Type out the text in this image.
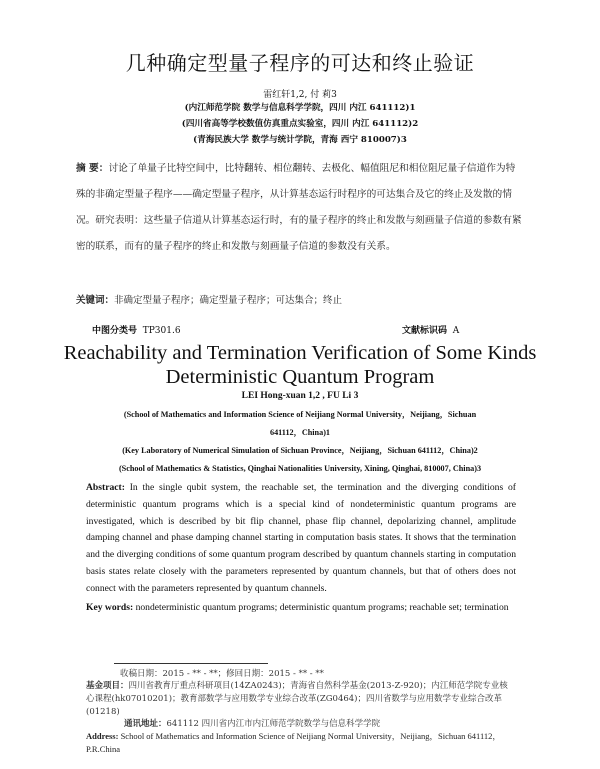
几种确定型量子程序的可达和终止验证
雷红轩1,2, 付 莉3
(内江师范学院 数学与信息科学学院，四川 内江 641112)1
(四川省高等学校数值仿真重点实验室，四川 内江 641112)2
(青海民族大学 数学与统计学院，青海 西宁 810007)3
摘 要：讨论了单量子比特空间中，比特翻转、相位翻转、去极化、幅值阻尼和相位阻尼量子信道作为特殊的非确定型量子程序——确定型量子程序，从计算基态运行时程序的可达集合及它的终止及发散的情况。研究表明：这些量子信道从计算基态运行时，有的量子程序的终止和发散与刻画量子信道的参数有紧密的联系，而有的量子程序的终止和发散与刻画量子信道的参数没有关系。
关键词：非确定型量子程序；确定型量子程序；可达集合；终止
中图分类号 TP301.6	文献标识码 A
Reachability and Termination Verification of Some Kinds
Deterministic Quantum Program
LEI Hong-xuan 1,2 , FU Li 3
(School of Mathematics and Information Science of Neijiang Normal University，Neijiang，Sichuan 641112，China)1
(Key Laboratory of Numerical Simulation of Sichuan Province，Neijiang，Sichuan 641112，China)2
(School of Mathematics & Statistics, Qinghai Nationalities University, Xining, Qinghai, 810007, China)3
Abstract: In the single qubit system, the reachable set, the termination and the diverging conditions of deterministic quantum programs which is a special kind of nondeterministic quantum programs are investigated, which is described by bit flip channel, phase flip channel, depolarizing channel, amplitude damping channel and phase damping channel starting in computation basis states. It shows that the termination and the diverging conditions of some quantum program described by quantum channels starting in computation basis states relate closely with the parameters represented by quantum channels, but that of others does not connect with the parameters represented by quantum channels.
Key words: nondeterministic quantum programs; deterministic quantum programs; reachable set; termination
收稿日期：2015 - ** - **；修回日期：2015 - ** - **
基金项目：四川省教育厅重点科研项目(14ZA0243)；青海省自然科学基金(2013-Z-920)；内江师范学院专业核心课程(hk07010201)；教育部数学与应用数学专业综合改革(ZG0464)；四川省数学与应用数学专业综合改革(01218)
通讯地址：641112 四川省内江市内江师范学院数学与信息科学学院
Address: School of Mathematics and Information Science of Neijiang Normal University，Neijiang，Sichuan 641112，P.R.China
